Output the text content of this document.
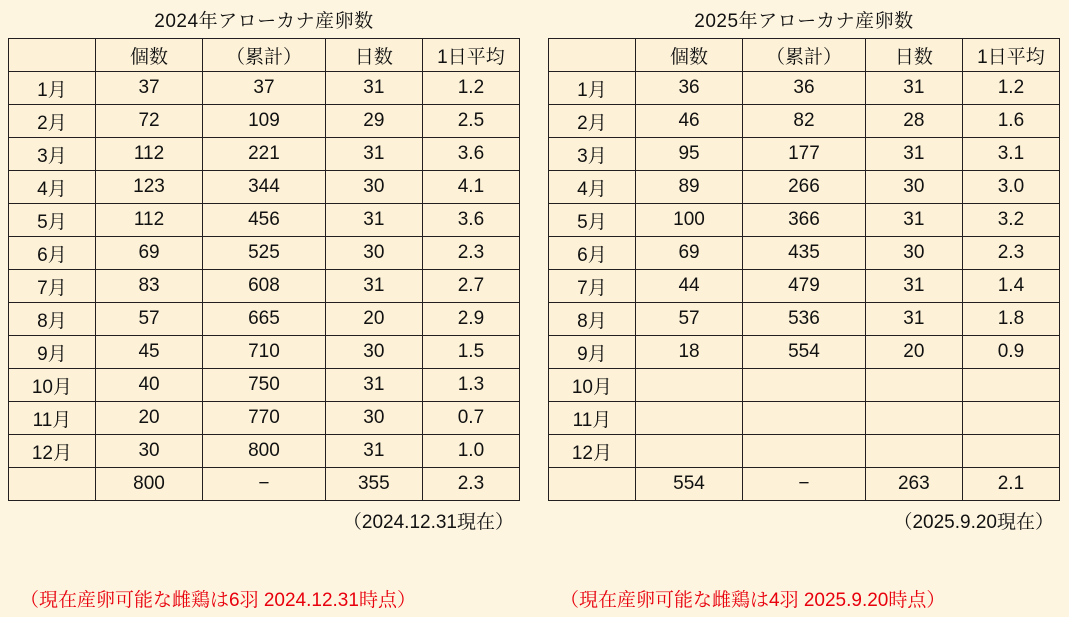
2024年アローカナ産卵数
	個数	（累計）	日数	1日平均
1月	37	37	31	1.2
2月	72	109	29	2.5
3月	112	221	31	3.6
4月	123	344	30	4.1
5月	112	456	31	3.6
6月	69	525	30	2.3
7月	83	608	31	2.7
8月	57	665	20	2.9
9月	45	710	30	1.5
10月	40	750	31	1.3
11月	20	770	30	0.7
12月	30	800	31	1.0
	800	−	355	2.3
（2024.12.31現在）
2025年アローカナ産卵数
	個数	（累計）	日数	1日平均
1月	36	36	31	1.2
2月	46	82	28	1.6
3月	95	177	31	3.1
4月	89	266	30	3.0
5月	100	366	31	3.2
6月	69	435	30	2.3
7月	44	479	31	1.4
8月	57	536	31	1.8
9月	18	554	20	0.9
10月				
11月				
12月				
	554	−	263	2.1
（2025.9.20現在）
（現在産卵可能な雌鶏は6羽 2024.12.31時点）	（現在産卵可能な雌鶏は4羽 2025.9.20時点）
